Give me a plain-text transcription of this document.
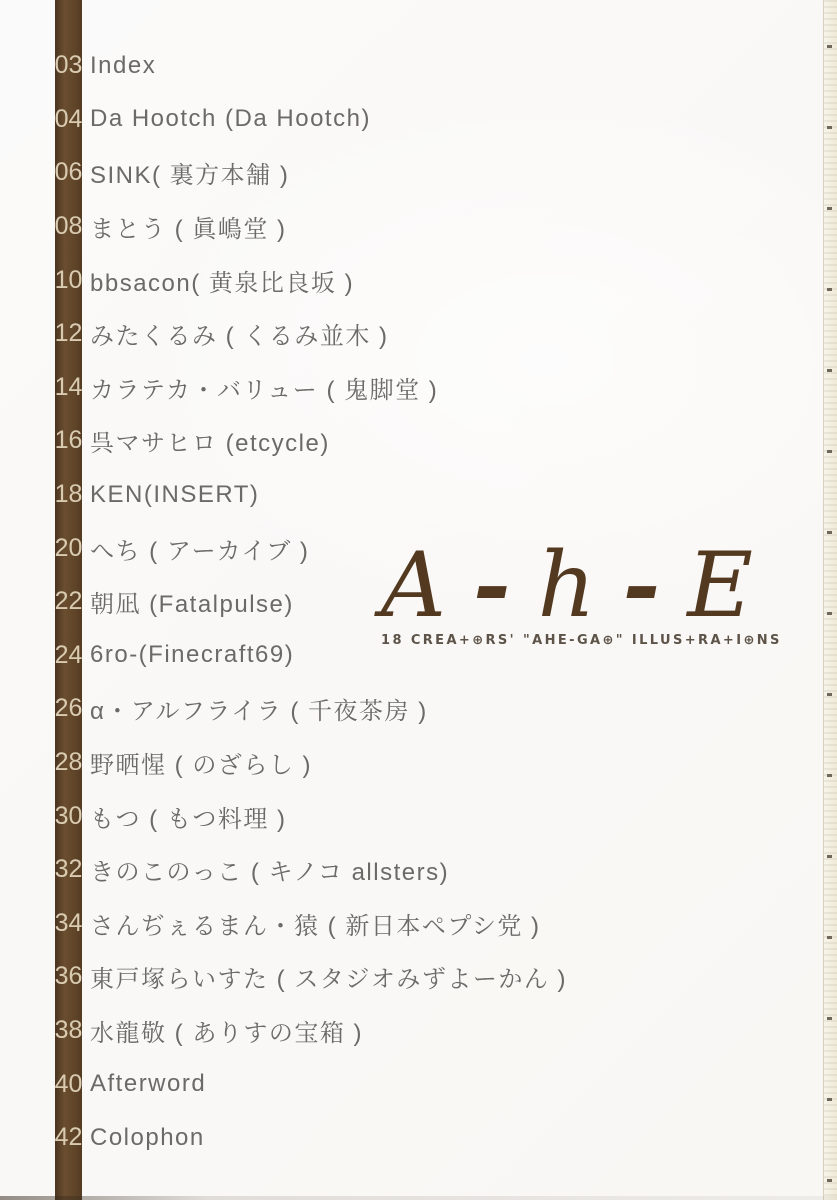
03 Index
04 Da Hootch (Da Hootch)
06 SINK( 裏方本舗 )
08 まとう ( 眞嶋堂 )
10 bbsacon( 黄泉比良坂 )
12 みたくるみ ( くるみ並木 )
14 カラテカ・バリュー ( 鬼脚堂 )
16 呉マサヒロ (etcycle)
18 KEN(INSERT)
20 へち ( アーカイブ )
22 朝凪 (Fatalpulse)
24 6ro-(Finecraft69)
26 α・アルフライラ ( 千夜茶房 )
28 野晒惺 ( のざらし )
30 もつ ( もつ料理 )
32 きのこのっこ ( キノコ allsters)
34 さんぢぇるまん・猿 ( 新日本ペプシ党 )
36 東戸塚らいすた ( スタジオみずよーかん )
38 水龍敬 ( ありすの宝箱 )
40 Afterword
42 Colophon
A - h - E
18 CREA+⊕RS' "AHE-GA⊕" ILLUS+RA+I⊕NS
